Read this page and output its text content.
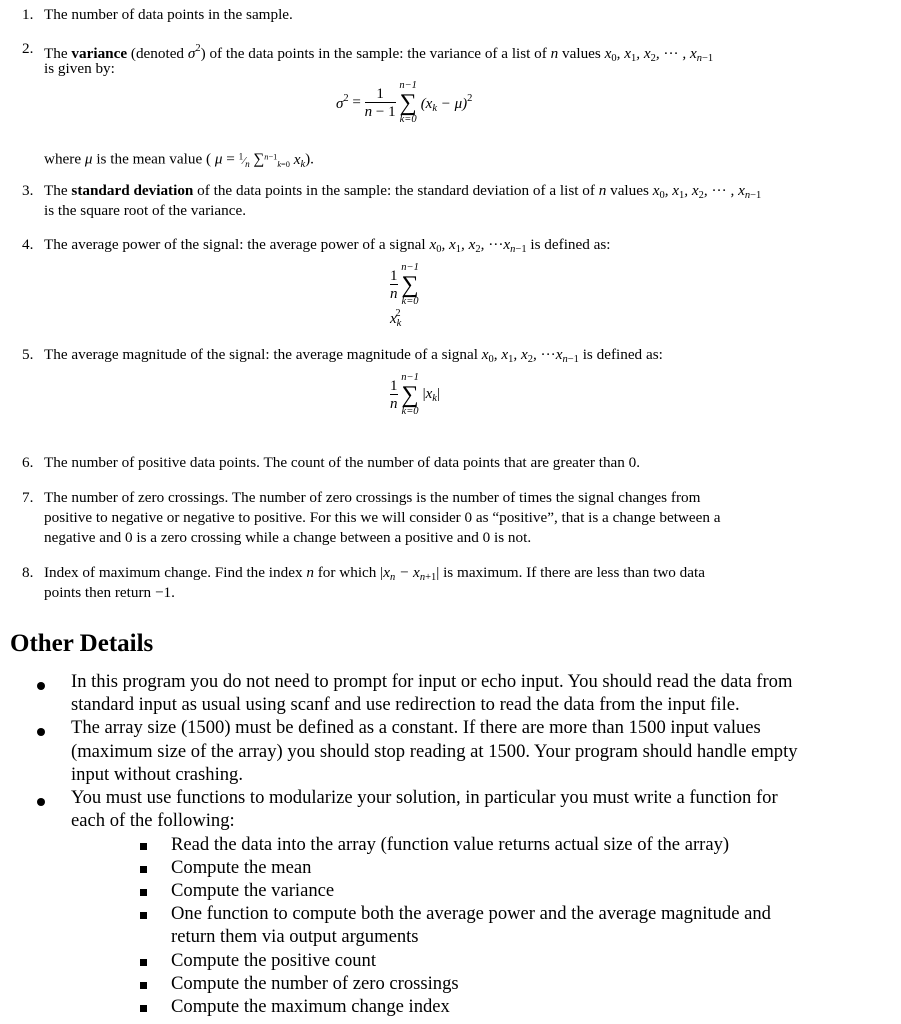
1. The number of data points in the sample.
2. The variance (denoted $\sigma^2$) of the data points in the sample: the variance of a list of n values $x_0$, $x_1$, $x_2$, ··· , $x_{n-1}$
is given by:
$\sigma^2 = \frac{1}{n - 1}$

n−1
∑
k=0
$(x_k - \mu)^2$
where μ is the mean value ( $\mu = ^1⁄_n$ ∑$^{n-1}_{k=0}$ $x_k$).
3. The standard deviation of the data points in the sample: the standard deviation of a list of n values $x_0$, $x_1$, $x_2$, ··· , $x_{n-1}$
is the square root of the variance.
4. The average power of the signal: the average power of a signal $x_0$, $x_1$, $x_2$, $\cdot\cdot\cdot x_{n-1}$ is defined as:
$\frac{1}{n}$

n−1
∑
k=0
$x_k^2$
5. The average magnitude of the signal: the average magnitude of a signal $x_0$, $x_1$, $x_2$, $\cdot\cdot\cdot x_{n-1}$ is defined as:
$\frac{1}{n}$

n−1
∑
k=0
$|x_k|$
6. The number of positive data points. The count of the number of data points that are greater than 0.
7. The number of zero crossings. The number of zero crossings is the number of times the signal changes from
positive to negative or negative to positive. For this we will consider 0 as “positive”, that is a change between a
negative and 0 is a zero crossing while a change between a positive and 0 is not.
8. Index of maximum change. Find the index n for which $|x_n - x_{n+1}|$ is maximum. If there are less than two data
points then return −1.
Other Details
In this program you do not need to prompt for input or echo input. You should read the data from
standard input as usual using scanf and use redirection to read the data from the input file.
The array size (1500) must be defined as a constant. If there are more than 1500 input values
(maximum size of the array) you should stop reading at 1500. Your program should handle empty
input without crashing.
You must use functions to modularize your solution, in particular you must write a function for
each of the following:
Read the data into the array (function value returns actual size of the array)
Compute the mean
Compute the variance
One function to compute both the average power and the average magnitude and
return them via output arguments
Compute the positive count
Compute the number of zero crossings
Compute the maximum change index
